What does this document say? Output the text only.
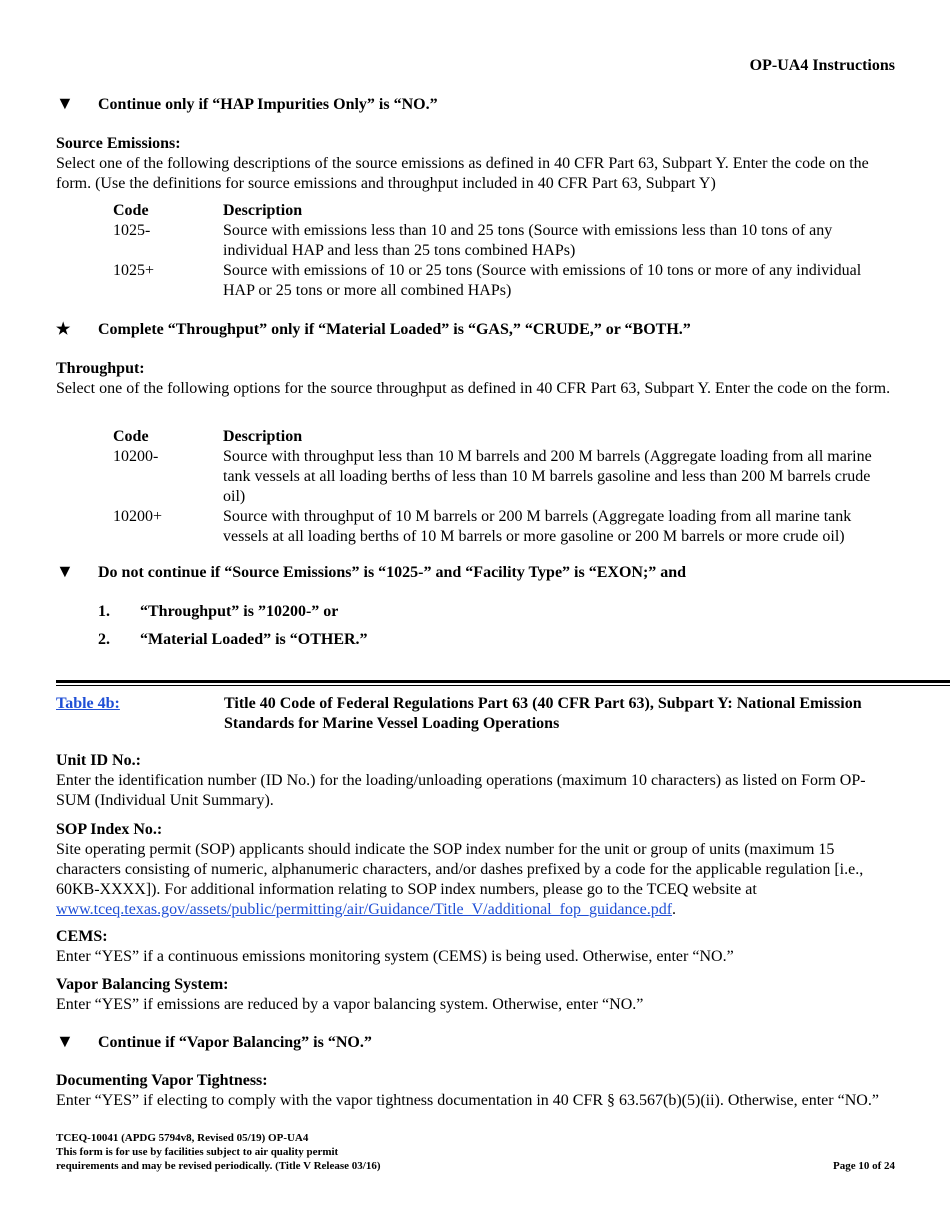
OP-UA4 Instructions
▼	Continue only if “HAP Impurities Only” is “NO.”
Source Emissions:
Select one of the following descriptions of the source emissions as defined in 40 CFR Part 63, Subpart Y. Enter the code on the form. (Use the definitions for source emissions and throughput included in 40 CFR Part 63, Subpart Y)
Code	Description
1025-	Source with emissions less than 10 and 25 tons (Source with emissions less than 10 tons of any individual HAP and less than 25 tons combined HAPs)
1025+	Source with emissions of 10 or 25 tons (Source with emissions of 10 tons or more of any individual HAP or 25 tons or more all combined HAPs)
★	Complete “Throughput” only if “Material Loaded” is “GAS,” “CRUDE,” or “BOTH.”
Throughput:
Select one of the following options for the source throughput as defined in 40 CFR Part 63, Subpart Y. Enter the code on the form.
Code	Description
10200-	Source with throughput less than 10 M barrels and 200 M barrels (Aggregate loading from all marine tank vessels at all loading berths of less than 10 M barrels gasoline and less than 200 M barrels crude oil)
10200+	Source with throughput of 10 M barrels or 200 M barrels (Aggregate loading from all marine tank vessels at all loading berths of 10 M barrels or more gasoline or 200 M barrels or more crude oil)
▼	Do not continue if “Source Emissions” is “1025-” and “Facility Type” is “EXON;” and
1.	“Throughput” is ”10200-” or
2.	“Material Loaded” is “OTHER.”
Table 4b:	Title 40 Code of Federal Regulations Part 63 (40 CFR Part 63), Subpart Y: National Emission Standards for Marine Vessel Loading Operations
Unit ID No.:
Enter the identification number (ID No.) for the loading/unloading operations (maximum 10 characters) as listed on Form OP-SUM (Individual Unit Summary).
SOP Index No.:
Site operating permit (SOP) applicants should indicate the SOP index number for the unit or group of units (maximum 15 characters consisting of numeric, alphanumeric characters, and/or dashes prefixed by a code for the applicable regulation [i.e., 60KB-XXXX]). For additional information relating to SOP index numbers, please go to the TCEQ website at www.tceq.texas.gov/assets/public/permitting/air/Guidance/Title_V/additional_fop_guidance.pdf.
CEMS:
Enter “YES” if a continuous emissions monitoring system (CEMS) is being used. Otherwise, enter “NO.”
Vapor Balancing System:
Enter “YES” if emissions are reduced by a vapor balancing system. Otherwise, enter “NO.”
▼	Continue if “Vapor Balancing” is “NO.”
Documenting Vapor Tightness:
Enter “YES” if electing to comply with the vapor tightness documentation in 40 CFR § 63.567(b)(5)(ii). Otherwise, enter “NO.”
TCEQ-10041 (APDG 5794v8, Revised 05/19) OP-UA4
This form is for use by facilities subject to air quality permit
requirements and may be revised periodically. (Title V Release 03/16)	Page 10 of 24
